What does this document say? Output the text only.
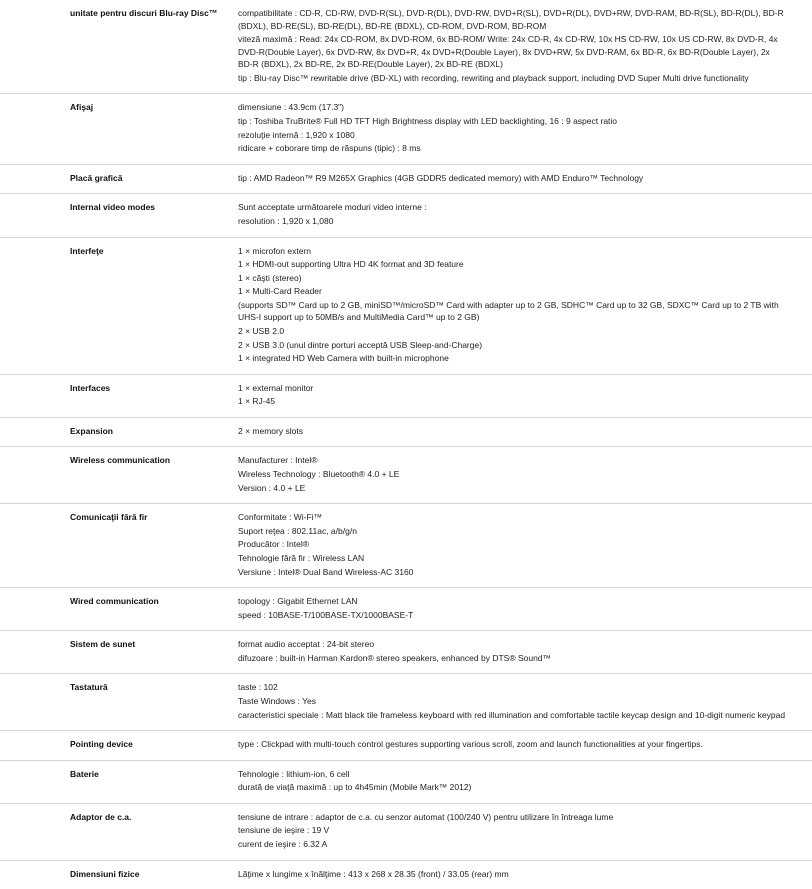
unitate pentru discuri Blu-ray Disc™	compatibilitate : CD-R, CD-RW, DVD-R(SL), DVD-R(DL), DVD-RW, DVD+R(SL), DVD+R(DL), DVD+RW, DVD-RAM, BD-R(SL), BD-R(DL), BD-R (BDXL), BD-RE(SL), BD-RE(DL), BD-RE (BDXL), CD-ROM, DVD-ROM, BD-ROM
viteză maximă : Read: 24x CD-ROM, 8x DVD-ROM, 6x BD-ROM/ Write: 24x CD-R, 4x CD-RW, 10x HS CD-RW, 10x US CD-RW, 8x DVD-R, 4x DVD-R(Double Layer), 6x DVD-RW, 8x DVD+R, 4x DVD+R(Double Layer), 8x DVD+RW, 5x DVD-RAM, 6x BD-R, 6x BD-R(Double Layer), 2x BD-R (BDXL), 2x BD-RE, 2x BD-RE(Double Layer), 2x BD-RE (BDXL)
tip : Blu-ray Disc™ rewritable drive (BD-XL) with recording, rewriting and playback support, including DVD Super Multi drive functionality

Afişaj	dimensiune : 43.9cm (17.3")
tip : Toshiba TruBrite® Full HD TFT High Brightness display with LED backlighting, 16 : 9 aspect ratio
rezoluţie internă : 1,920 x 1080
ridicare + coborare timp de răspuns (tipic) : 8 ms

Placă grafică	tip : AMD Radeon™ R9 M265X Graphics (4GB GDDR5 dedicated memory) with AMD Enduro™ Technology

Internal video modes	Sunt acceptate următoarele moduri video interne :
resolution : 1,920 x 1,080

Interfeţe	1 × microfon extern
1 × HDMI-out supporting Ultra HD 4K format and 3D feature
1 × căşti (stereo)
1 × Multi-Card Reader
(supports SD™ Card up to 2 GB, miniSD™/microSD™ Card with adapter up to 2 GB, SDHC™ Card up to 32 GB, SDXC™ Card up to 2 TB with UHS-I support up to 50MB/s and MultiMedia Card™ up to 2 GB)
2 × USB 2.0
2 × USB 3.0 (unul dintre porturi acceptă USB Sleep-and-Charge)
1 × integrated HD Web Camera with built-in microphone

Interfaces	1 × external monitor
1 × RJ-45

Expansion	2 × memory slots

Wireless communication	Manufacturer : Intel®
Wireless Technology : Bluetooth® 4.0 + LE
Version : 4.0 + LE

Comunicaţii fără fir	Conformitate : Wi-Fi™
Suport reţea : 802.11ac, a/b/g/n
Producător : Intel®
Tehnologie fără fir : Wireless LAN
Versiune : Intel® Dual Band Wireless-AC 3160

Wired communication	topology : Gigabit Ethernet LAN
speed : 10BASE-T/100BASE-TX/1000BASE-T

Sistem de sunet	format audio acceptat : 24-bit stereo
difuzoare : built-in Harman Kardon® stereo speakers, enhanced by DTS® Sound™

Tastatură	taste : 102
Taste Windows : Yes
caracteristici speciale : Matt black tile frameless keyboard with red illumination and comfortable tactile keycap design and 10-digit numeric keypad

Pointing device	type : Clickpad with multi-touch control gestures supporting various scroll, zoom and launch functionalities at your fingertips.

Baterie	Tehnologie : lithium-ion, 6 cell
durată de viaţă maximă : up to 4h45min (Mobile Mark™ 2012)

Adaptor de c.a.	tensiune de intrare : adaptor de c.a. cu senzor automat (100/240 V) pentru utilizare în întreaga lume
tensiune de ieşire : 19 V
curent de ieşire : 6.32 A

Dimensiuni fizice	Lăţime x lungime x înălţime : 413 x 268 x 28.35 (front) / 33.05 (rear) mm
